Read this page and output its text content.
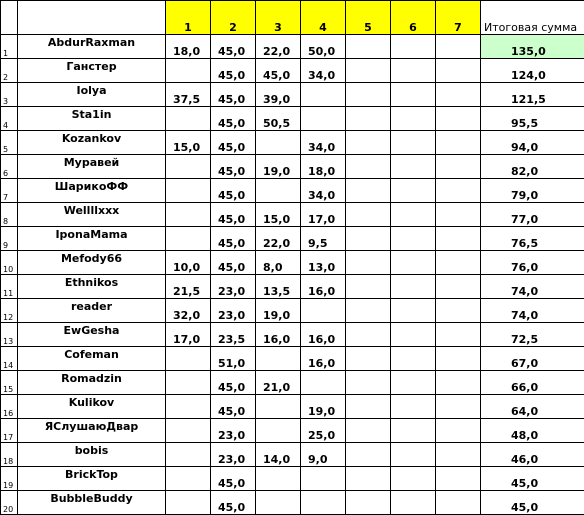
		1	2	3	4	5	6	7	Итоговая сумма
1	AbdurRaxman	18,0	45,0	22,0	50,0				135,0
2	Ганстер		45,0	45,0	34,0				124,0
3	Iolya	37,5	45,0	39,0					121,5
4	Sta1in		45,0	50,5					95,5
5	Kozankov	15,0	45,0		34,0				94,0
6	Муравей		45,0	19,0	18,0				82,0
7	ШарикоФФ		45,0		34,0				79,0
8	Wellllxxx		45,0	15,0	17,0				77,0
9	IponaMama		45,0	22,0	9,5				76,5
10	Mefody66	10,0	45,0	8,0	13,0				76,0
11	Ethnikos	21,5	23,0	13,5	16,0				74,0
12	reader	32,0	23,0	19,0					74,0
13	EwGesha	17,0	23,5	16,0	16,0				72,5
14	Cofeman		51,0		16,0				67,0
15	Romadzin		45,0	21,0					66,0
16	Kulikov		45,0		19,0				64,0
17	ЯСлушаюДвар		23,0		25,0				48,0
18	bobis		23,0	14,0	9,0				46,0
19	BrickTop		45,0						45,0
20	BubbleBuddy		45,0						45,0
